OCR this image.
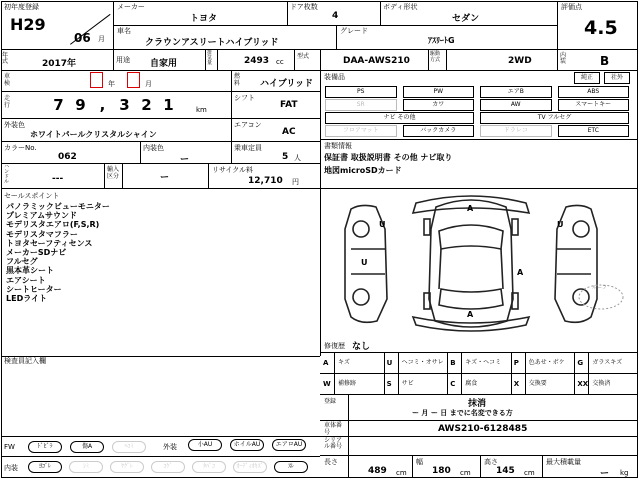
初年度登録
H29
06 月
メーカー
トヨタ
ドア枚数
4
ボディ形状
セダン
評価点
4.5
車名
クラウンアスリートハイブリッド
グレード
ｱｽﾘｰﾄG
年式	2017年	用途 自家用
排気量	2493 cc
型式	DAA-AWS210
駆動方式	2WD
内装	B
車検	年	月
燃料 ハイブリッド
走行	7 9 , 3 2 1	km
シフト
FAT
外装色
ホワイトパールクリスタルシャイン
エアコン
AC
カラーNo.
062
内装色
ー
乗車定員
5 人
ハンドル	---
輸入区分	ー
リサイクル料
12,710 円
セールスポイント
パノラミックビューモニター
プレミアムサウンド
モデリスタエアロ(F,S,R)
モデリスタマフラー
トヨタセーフティセンス
メーカーSDナビ
フルセグ
黒本革シート
エアシート
シートヒーター
LEDライト
検査員記入欄
装備品	純正	社外
PS	PW	エアB	ABS
SR	カワ	AW	スマートキー
ナビ その他	TV フルセグ
フロアマット	バックカメラ	ドラレコ	ETC
書類情報
保証書 取扱説明書 その他 ナビ取り
地図microSDカード
A
A
A
U	U
U
ルーフ
修復歴 なし
A キズ	U ヘコミ・オサレ B キズ・ヘコミ P 色あせ・ボケ G ガラスキズ
W 補修跡	S サビ	C 腐食	X 交換要	XX 交換済
登録	抹消
ー 月 ー 日 までに名変できる方
車体番号	AWS210-6128485
シリアル番号
FW	ﾄﾞﾋﾞﾗ	傷A	ﾍｺﾐ	外装	小AU	ホイルAU	エアロAU
内装	ﾖｺﾞﾚ	ｼﾐ	ﾔｸﾞﾚ	ｺｹﾞ	ﾀﾊﾞｺ	ｵｰﾃﾞｨｵｷｽﾞ	ｽﾚ
長さ
489 cm
幅
180 cm
高さ
145 cm
最大積載量
ー kg
